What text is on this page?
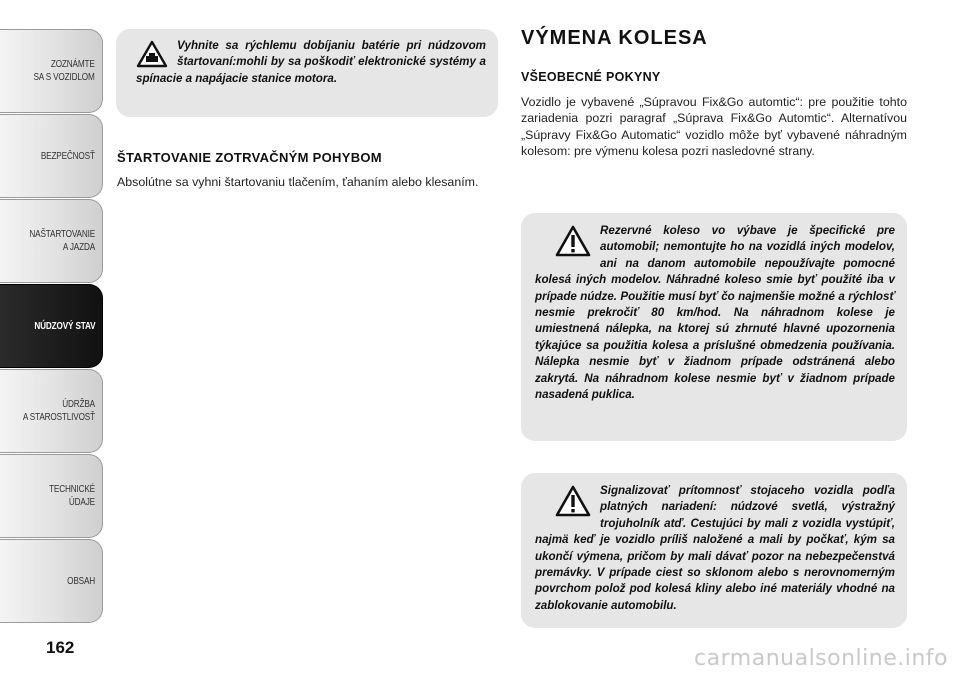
ZOZNÁMTE
SA S VOZIDLOM
BEZPEČNOSŤ
NAŠTARTOVANIE
A JAZDA
NÚDZOVÝ STAV
ÚDRŽBA
A STAROSTLIVOSŤ
TECHNICKÉ
ÚDAJE
OBSAH
162
Vyhnite sa rýchlemu dobíjaniu batérie pri núdzovom štartovaní:mohli by sa poškodiť elektronické systémy a spínacie a napájacie stanice motora.
ŠTARTOVANIE ZOTRVAČNÝM POHYBOM
Absolútne sa vyhni štartovaniu tlačením, ťahaním alebo klesaním.
VÝMENA KOLESA
VŠEOBECNÉ POKYNY
Vozidlo je vybavené „Súpravou Fix&Go automtic“: pre použitie tohto zariadenia pozri paragraf „Súprava Fix&Go Automtic“. Alternatívou „Súpravy Fix&Go Automatic“ vozidlo môže byť vybavené náhradným kolesom: pre výmenu kolesa pozri nasledovné strany.
Rezervné koleso vo výbave je špecifické pre automobil; nemontujte ho na vozidlá iných modelov, ani na danom automobile nepoužívajte pomocné kolesá iných modelov. Náhradné koleso smie byť použité iba v prípade núdze. Použitie musí byť čo najmenšie možné a rýchlosť nesmie prekročiť 80 km/hod. Na náhradnom kolese je umiestnená nálepka, na ktorej sú zhrnuté hlavné upozornenia týkajúce sa použitia kolesa a príslušné obmedzenia používania. Nálepka nesmie byť v žiadnom prípade odstránená alebo zakrytá. Na náhradnom kolese nesmie byť v žiadnom prípade nasadená puklica.
Signalizovať prítomnosť stojaceho vozidla podľa platných nariadení: núdzové svetlá, výstražný trojuholník atď. Cestujúci by mali z vozidla vystúpiť, najmä keď je vozidlo príliš naložené a mali by počkať, kým sa ukončí výmena, pričom by mali dávať pozor na nebezpečenstvá premávky. V prípade ciest so sklonom alebo s nerovnomerným povrchom polož pod kolesá kliny alebo iné materiály vhodné na zablokovanie automobilu.
carmanualsonline.info
